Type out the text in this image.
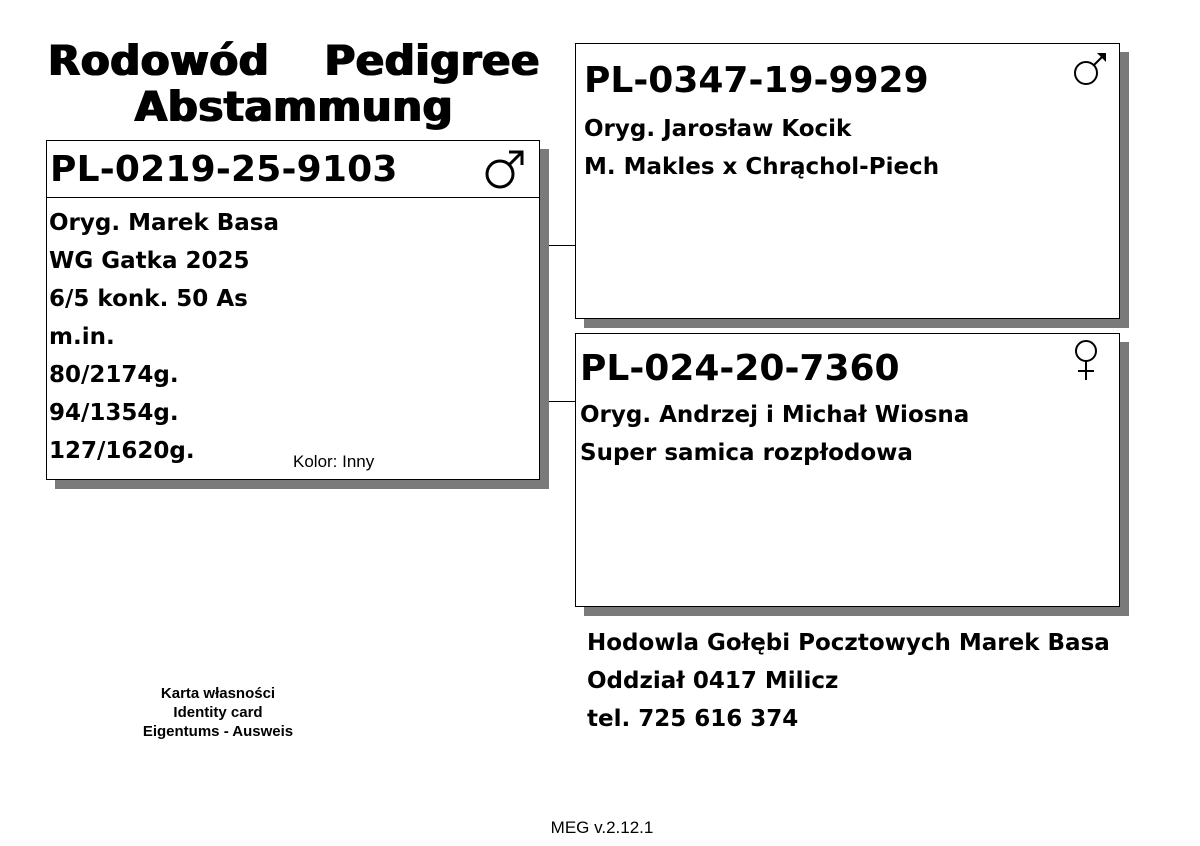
Rodowód Pedigree
Abstammung
PL-0219-25-9103
Oryg. Marek Basa
WG Gatka 2025
6/5 konk. 50 As
m.in.
80/2174g.
94/1354g.
127/1620g.	Kolor: Inny
PL-0347-19-9929
Oryg. Jarosław Kocik
M. Makles x Chrąchol-Piech
PL-024-20-7360
Oryg. Andrzej i Michał Wiosna
Super samica rozpłodowa
Hodowla Gołębi Pocztowych Marek Basa
Oddział 0417 Milicz
tel. 725 616 374
Karta własności
Identity card
Eigentums - Ausweis
MEG v.2.12.1
